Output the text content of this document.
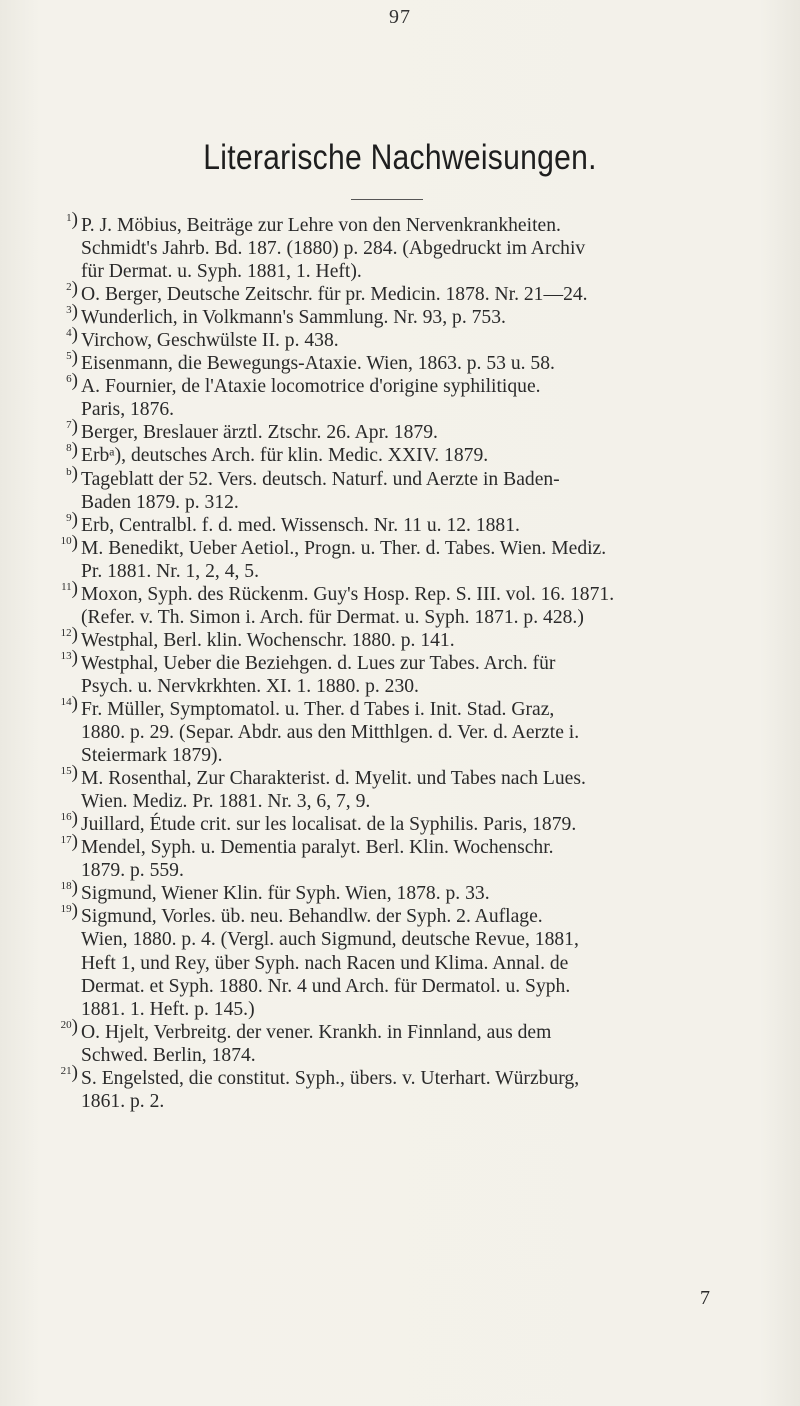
97
Literarische Nachweisungen.
1) P. J. Möbius, Beiträge zur Lehre von den Nervenkrankheiten.
Schmidt's Jahrb. Bd. 187. (1880) p. 284. (Abgedruckt im Archiv
für Dermat. u. Syph. 1881, 1. Heft).
2) O. Berger, Deutsche Zeitschr. für pr. Medicin. 1878. Nr. 21—24.
3) Wunderlich, in Volkmann's Sammlung. Nr. 93, p. 753.
4) Virchow, Geschwülste II. p. 438.
5) Eisenmann, die Bewegungs-Ataxie. Wien, 1863. p. 53 u. 58.
6) A. Fournier, de l'Ataxie locomotrice d'origine syphilitique.
Paris, 1876.
7) Berger, Breslauer ärztl. Ztschr. 26. Apr. 1879.
8) Erbᵃ), deutsches Arch. für klin. Medic. XXIV. 1879.
b) Tageblatt der 52. Vers. deutsch. Naturf. und Aerzte in Baden-
Baden 1879. p. 312.
9) Erb, Centralbl. f. d. med. Wissensch. Nr. 11 u. 12. 1881.
10) M. Benedikt, Ueber Aetiol., Progn. u. Ther. d. Tabes. Wien. Mediz.
Pr. 1881. Nr. 1, 2, 4, 5.
11) Moxon, Syph. des Rückenm. Guy's Hosp. Rep. S. III. vol. 16. 1871.
(Refer. v. Th. Simon i. Arch. für Dermat. u. Syph. 1871. p. 428.)
12) Westphal, Berl. klin. Wochenschr. 1880. p. 141.
13) Westphal, Ueber die Beziehgen. d. Lues zur Tabes. Arch. für
Psych. u. Nervkrkhten. XI. 1. 1880. p. 230.
14) Fr. Müller, Symptomatol. u. Ther. d Tabes i. Init. Stad. Graz,
1880. p. 29. (Separ. Abdr. aus den Mitthlgen. d. Ver. d. Aerzte i.
Steiermark 1879).
15) M. Rosenthal, Zur Charakterist. d. Myelit. und Tabes nach Lues.
Wien. Mediz. Pr. 1881. Nr. 3, 6, 7, 9.
16) Juillard, Étude crit. sur les localisat. de la Syphilis. Paris, 1879.
17) Mendel, Syph. u. Dementia paralyt. Berl. Klin. Wochenschr.
1879. p. 559.
18) Sigmund, Wiener Klin. für Syph. Wien, 1878. p. 33.
19) Sigmund, Vorles. üb. neu. Behandlw. der Syph. 2. Auflage.
Wien, 1880. p. 4. (Vergl. auch Sigmund, deutsche Revue, 1881,
Heft 1, und Rey, über Syph. nach Racen und Klima. Annal. de
Dermat. et Syph. 1880. Nr. 4 und Arch. für Dermatol. u. Syph.
1881. 1. Heft. p. 145.)
20) O. Hjelt, Verbreitg. der vener. Krankh. in Finnland, aus dem
Schwed. Berlin, 1874.
21) S. Engelsted, die constitut. Syph., übers. v. Uterhart. Würzburg,
1861. p. 2.
7
